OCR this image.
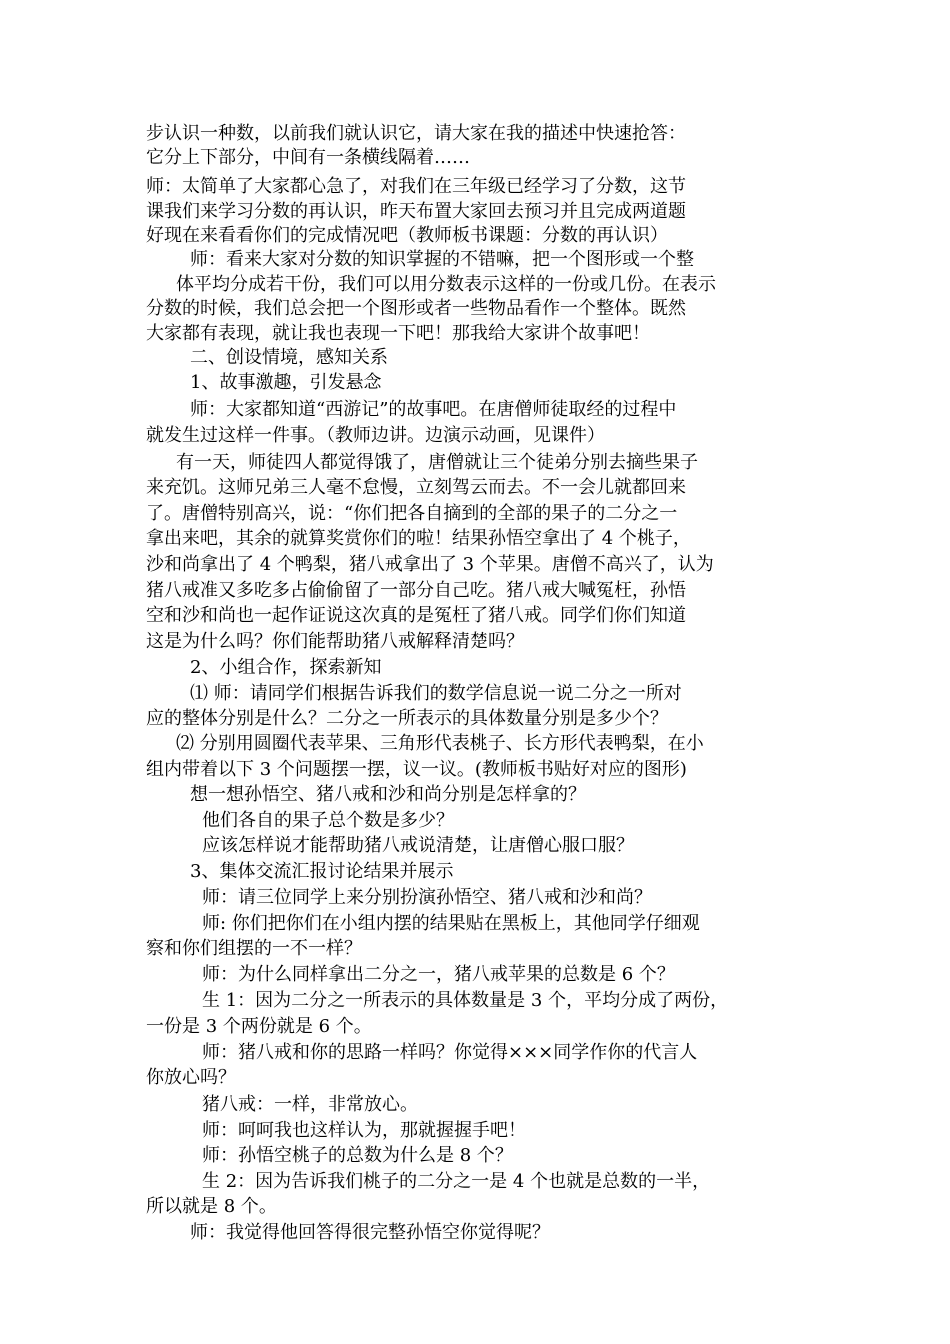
步认识一种数，以前我们就认识它，请大家在我的描述中快速抢答：
它分上下部分，中间有一条横线隔着……
师：太简单了大家都心急了，对我们在三年级已经学习了分数，这节
课我们来学习分数的再认识，昨天布置大家回去预习并且完成两道题
好现在来看看你们的完成情况吧（教师板书课题：分数的再认识）
师：看来大家对分数的知识掌握的不错嘛，把一个图形或一个整
体平均分成若干份，我们可以用分数表示这样的一份或几份。在表示
分数的时候，我们总会把一个图形或者一些物品看作一个整体。既然
大家都有表现，就让我也表现一下吧！那我给大家讲个故事吧！
二、创设情境，感知关系
1、故事激趣，引发悬念
师：大家都知道“西游记”的故事吧。在唐僧师徒取经的过程中
就发生过这样一件事。（教师边讲。边演示动画，见课件）
有一天，师徒四人都觉得饿了，唐僧就让三个徒弟分别去摘些果子
来充饥。这师兄弟三人毫不怠慢，立刻驾云而去。不一会儿就都回来
了。唐僧特别高兴，说：“你们把各自摘到的全部的果子的二分之一
拿出来吧，其余的就算奖赏你们的啦！结果孙悟空拿出了 4 个桃子，
沙和尚拿出了 4 个鸭梨，猪八戒拿出了 3 个苹果。唐僧不高兴了，认为
猪八戒准又多吃多占偷偷留了一部分自己吃。猪八戒大喊冤枉，孙悟
空和沙和尚也一起作证说这次真的是冤枉了猪八戒。同学们你们知道
这是为什么吗？你们能帮助猪八戒解释清楚吗？
2、小组合作，探索新知
⑴ 师：请同学们根据告诉我们的数学信息说一说二分之一所对
应的整体分别是什么？二分之一所表示的具体数量分别是多少个？
⑵ 分别用圆圈代表苹果、三角形代表桃子、长方形代表鸭梨，在小
组内带着以下 3 个问题摆一摆，议一议。(教师板书贴好对应的图形)
想一想孙悟空、猪八戒和沙和尚分别是怎样拿的？
他们各自的果子总个数是多少？
应该怎样说才能帮助猪八戒说清楚，让唐僧心服口服？
3、集体交流汇报讨论结果并展示
师：请三位同学上来分别扮演孙悟空、猪八戒和沙和尚？
师: 你们把你们在小组内摆的结果贴在黑板上，其他同学仔细观
察和你们组摆的一不一样？
师：为什么同样拿出二分之一，猪八戒苹果的总数是 6 个？
生 1：因为二分之一所表示的具体数量是 3 个，平均分成了两份，
一份是 3 个两份就是 6 个。
师：猪八戒和你的思路一样吗？你觉得×××同学作你的代言人
你放心吗？
猪八戒：一样，非常放心。
师：呵呵我也这样认为，那就握握手吧！
师：孙悟空桃子的总数为什么是 8 个？
生 2：因为告诉我们桃子的二分之一是 4 个也就是总数的一半，
所以就是 8 个。
师：我觉得他回答得很完整孙悟空你觉得呢？
